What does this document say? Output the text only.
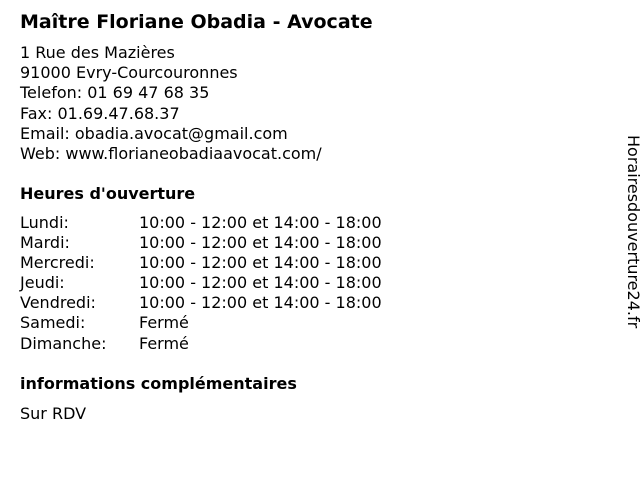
Maître Floriane Obadia - Avocate
1 Rue des Mazières
91000 Evry-Courcouronnes
Telefon: 01 69 47 68 35
Fax: 01.69.47.68.37
Email: obadia.avocat@gmail.com
Web: www.florianeobadiaavocat.com/
Heures d'ouverture
Lundi:	10:00 - 12:00 et 14:00 - 18:00
Mardi:	10:00 - 12:00 et 14:00 - 18:00
Mercredi:	10:00 - 12:00 et 14:00 - 18:00
Jeudi:	10:00 - 12:00 et 14:00 - 18:00
Vendredi:	10:00 - 12:00 et 14:00 - 18:00
Samedi:	Fermé
Dimanche: Fermé
informations complémentaires
Sur RDV
Horairesdouverture24.fr
